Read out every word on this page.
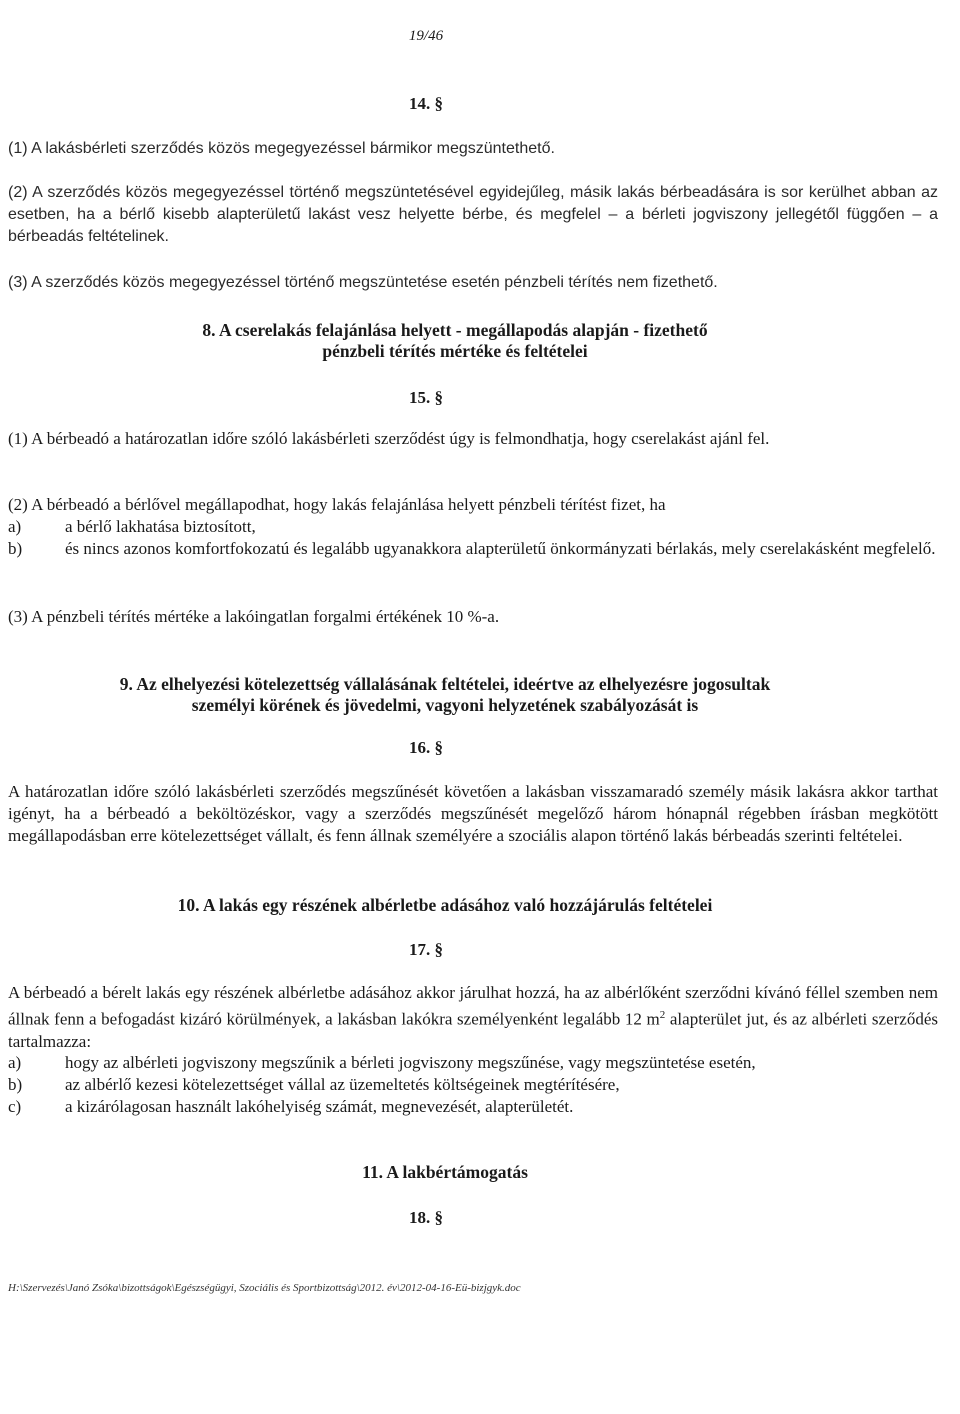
19/46
14. §
(1) A lakásbérleti szerződés közös megegyezéssel bármikor megszüntethető.
(2) A szerződés közös megegyezéssel történő megszüntetésével egyidejűleg, másik lakás bérbeadására is sor kerülhet abban az esetben, ha a bérlő kisebb alapterületű lakást vesz helyette bérbe, és megfelel – a bérleti jogviszony jellegétől függően – a bérbeadás feltételinek.
(3) A szerződés közös megegyezéssel történő megszüntetése esetén pénzbeli térítés nem fizethető.
8. A cserelakás felajánlása helyett - megállapodás alapján - fizethető
pénzbeli térítés mértéke és feltételei
15. §
(1) A bérbeadó a határozatlan időre szóló lakásbérleti szerződést úgy is felmondhatja, hogy cserelakást ajánl fel.
(2) A bérbeadó a bérlővel megállapodhat, hogy lakás felajánlása helyett pénzbeli térítést fizet, ha
a)	a bérlő lakhatása biztosított,
b)	és nincs azonos komfortfokozatú és legalább ugyanakkora alapterületű önkormányzati bérlakás, mely cserelakásként megfelelő.
(3) A pénzbeli térítés mértéke a lakóingatlan forgalmi értékének 10 %-a.
9. Az elhelyezési kötelezettség vállalásának feltételei, ideértve az elhelyezésre jogosultak
személyi körének és jövedelmi, vagyoni helyzetének szabályozását is
16. §
A határozatlan időre szóló lakásbérleti szerződés megszűnését követően a lakásban visszamaradó személy másik lakásra akkor tarthat igényt, ha a bérbeadó a beköltözéskor, vagy a szerződés megszűnését megelőző három hónapnál régebben írásban megkötött megállapodásban erre kötelezettséget vállalt, és fenn állnak személyére a szociális alapon történő lakás bérbeadás szerinti feltételei.
10. A lakás egy részének albérletbe adásához való hozzájárulás feltételei
17. §
A bérbeadó a bérelt lakás egy részének albérletbe adásához akkor járulhat hozzá, ha az albérlőként szerződni kívánó féllel szemben nem állnak fenn a befogadást kizáró körülmények, a lakásban lakókra személyenként legalább 12 $m^2$ alapterület jut, és az albérleti szerződés tartalmazza:
a)	hogy az albérleti jogviszony megszűnik a bérleti jogviszony megszűnése, vagy megszüntetése esetén,
b)	az albérlő kezesi kötelezettséget vállal az üzemeltetés költségeinek megtérítésére,
c)	a kizárólagosan használt lakóhelyiség számát, megnevezését, alapterületét.
11. A lakbértámogatás
18. §
H:\Szervezés\Janó Zsóka\bizottságok\Egészségügyi, Szociális és Sportbizottság\2012. év\2012-04-16-Eü-bizjgyk.doc
